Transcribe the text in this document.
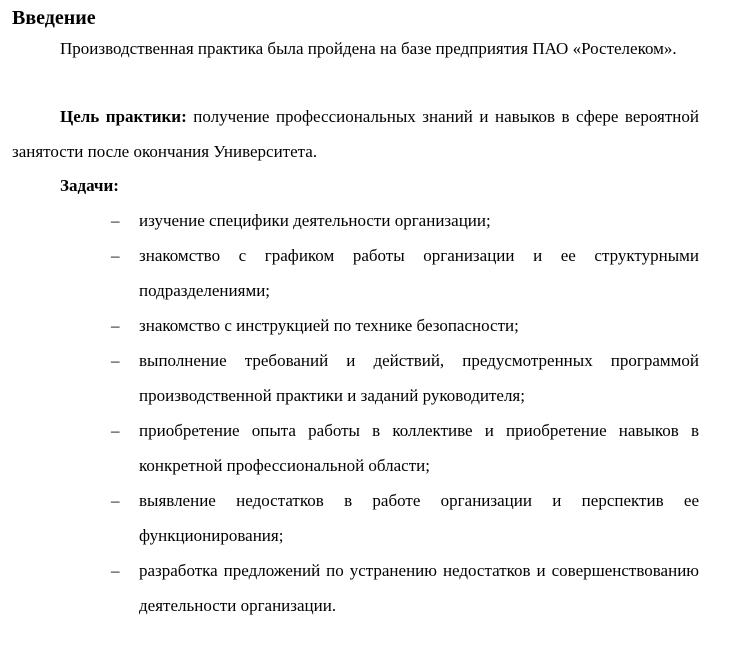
Введение

Производственная практика была пройдена на базе предприятия ПАО «Ростелеком».

Цель практики: получение профессиональных знаний и навыков в сфере вероятной занятости после окончания Университета.

Задачи:

– изучение специфики деятельности организации;
– знакомство с графиком работы организации и ее структурными подразделениями;
– знакомство с инструкцией по технике безопасности;
– выполнение требований и действий, предусмотренных программой производственной практики и заданий руководителя;
– приобретение опыта работы в коллективе и приобретение навыков в конкретной профессиональной области;
– выявление недостатков в работе организации и перспектив ее функционирования;
– разработка предложений по устранению недостатков и совершенствованию деятельности организации.
